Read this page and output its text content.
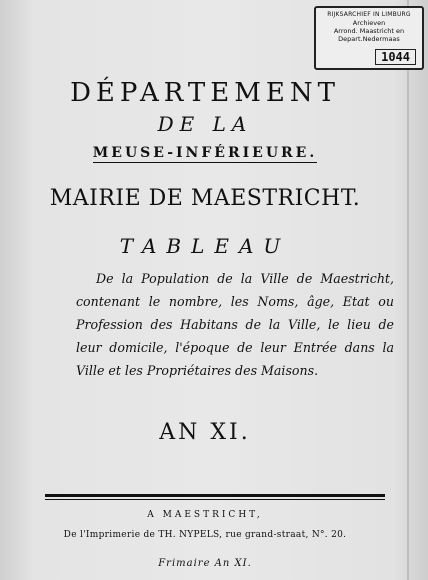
RIJKSARCHIEF IN LIMBURG
Archieven
Arrond. Maastricht en
Depart.Nedermaas
1044
DÉPARTEMENT
DE LA
MEUSE-INFÉRIEURE.
MAIRIE DE MAESTRICHT.
TABLEAU
De la Population de la Ville de Maestricht, contenant le nombre, les Noms, âge, Etat ou Profession des Habitans de la Ville, le lieu de leur domicile, l'époque de leur Entrée dans la Ville et les Propriétaires des Maisons.
AN XI.
A MAESTRICHT,
De l'Imprimerie de TH. NYPELS, rue grand-straat, N°. 20.
Frimaire An XI.
